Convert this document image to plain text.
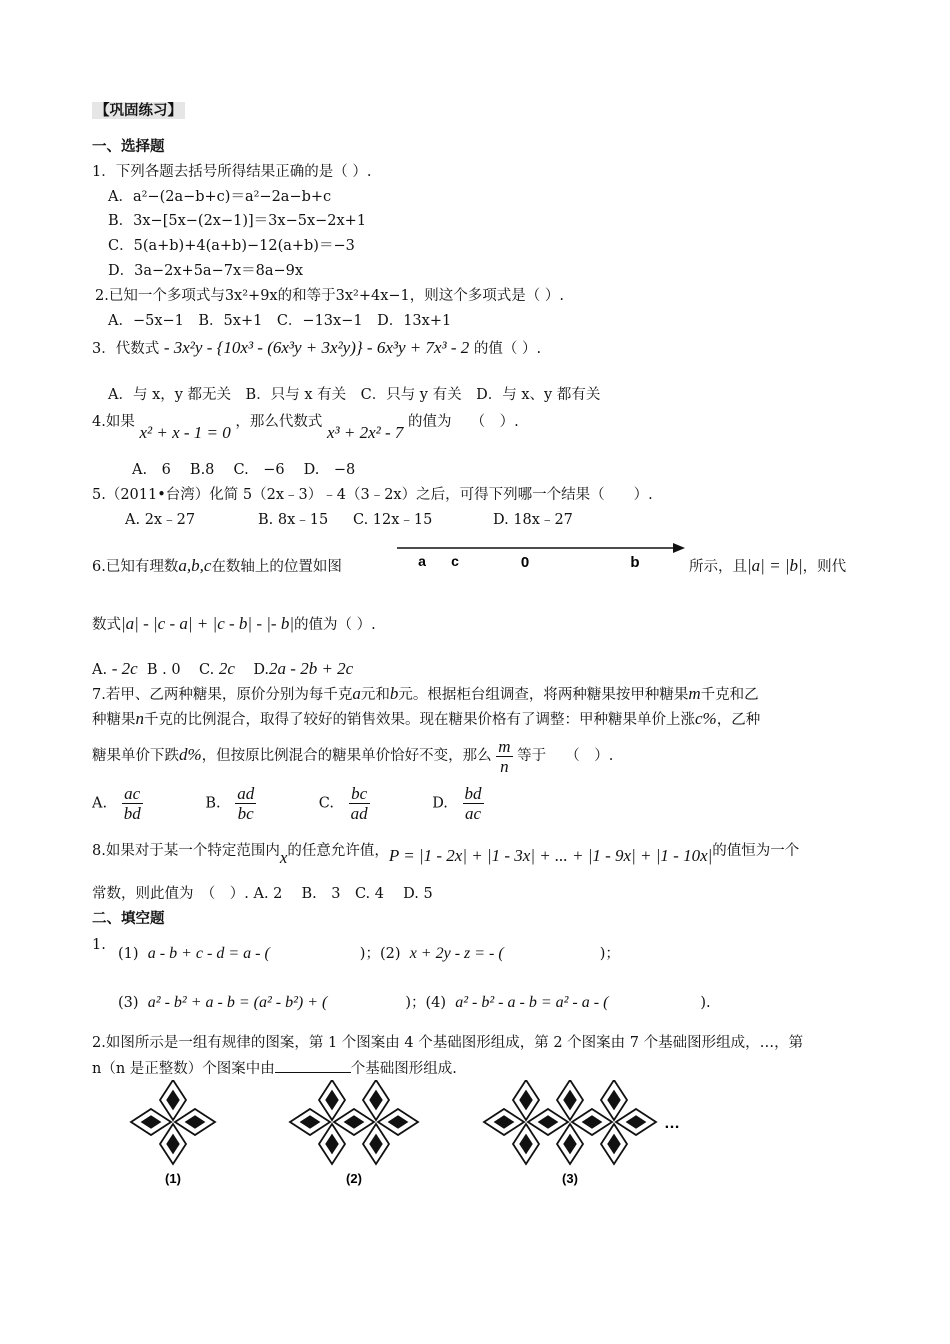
【巩固练习】
一、选择题
1．下列各题去括号所得结果正确的是（ ）.
A．a²−(2a−b+c)＝a²−2a−b+c
B．3x−[5x−(2x−1)]＝3x−5x−2x+1
C．5(a+b)+4(a+b)−12(a+b)＝−3
D．3a−2x+5a−7x＝8a−9x
2.已知一个多项式与3x²+9x的和等于3x²+4x−1，则这个多项式是（ ）.
A．−5x−1　B．5x+1　C．−13x−1　D．13x+1
3．代数式 - 3x²y - {10x³ - (6x³y + 3x²y)} - 6x³y + 7x³ - 2 的值（ ）.
A．与 x，y 都无关　B．只与 x 有关　C．只与 y 有关　D．与 x、y 都有关
4.如果 x² + x - 1 = 0 ，那么代数式 x³ + 2x² - 7 的值为　 （　）.
A.　6　 B.8　 C.　−6　 D.　−8
5.（2011•台湾）化简 5（2x﹣3）﹣4（3﹣2x）之后，可得下列哪一个结果（　　）.
A. 2x﹣27	B. 8x﹣15 C. 12x﹣15	D. 18x﹣27
6.已知有理数a,b,c在数轴上的位置如图	a c	0	b	所示，且|a| = |b|，则代
数式|a| - |c - a| + |c - b| - |- b|的值为（ ）.
A. - 2c B . 0 C. 2c D.2a - 2b + 2c
7.若甲、乙两种糖果，原价分别为每千克a元和b元。根据柜台组调查，将两种糖果按甲种糖果m千克和乙
种糖果n千克的比例混合，取得了较好的销售效果。现在糖果价格有了调整：甲种糖果单价上涨c%，乙种
糖果单价下跌d%，但按原比例混合的糖果单价恰好不变，那么 $\frac{m}{n}$ 等于　 （　）.
A. $\frac{ac}{bd}$	B. $\frac{ad}{bc}$	C. $\frac{bc}{ad}$	D. $\frac{bd}{ac}$
8.如果对于某一个特定范围内x的任意允许值，P = |1 - 2x| + |1 - 3x| + ... + |1 - 9x| + |1 - 10x|的值恒为一个
常数，则此值为　（　）. A. 2　 B.　3　C. 4　 D. 5
二、填空题
1.
(1) a - b + c - d = a - (	)；(2) x + 2y - z = - (	)；
(3) a² - b² + a - b = (a² - b²) + (	)；(4) a² - b² - a - b = a² - a - (	).
2.如图所示是一组有规律的图案，第 1 个图案由 4 个基础图形组成，第 2 个图案由 7 个基础图形组成，…，第
n（n 是正整数）个图案中由	个基础图形组成.
(1)	(2)	(3)
…
